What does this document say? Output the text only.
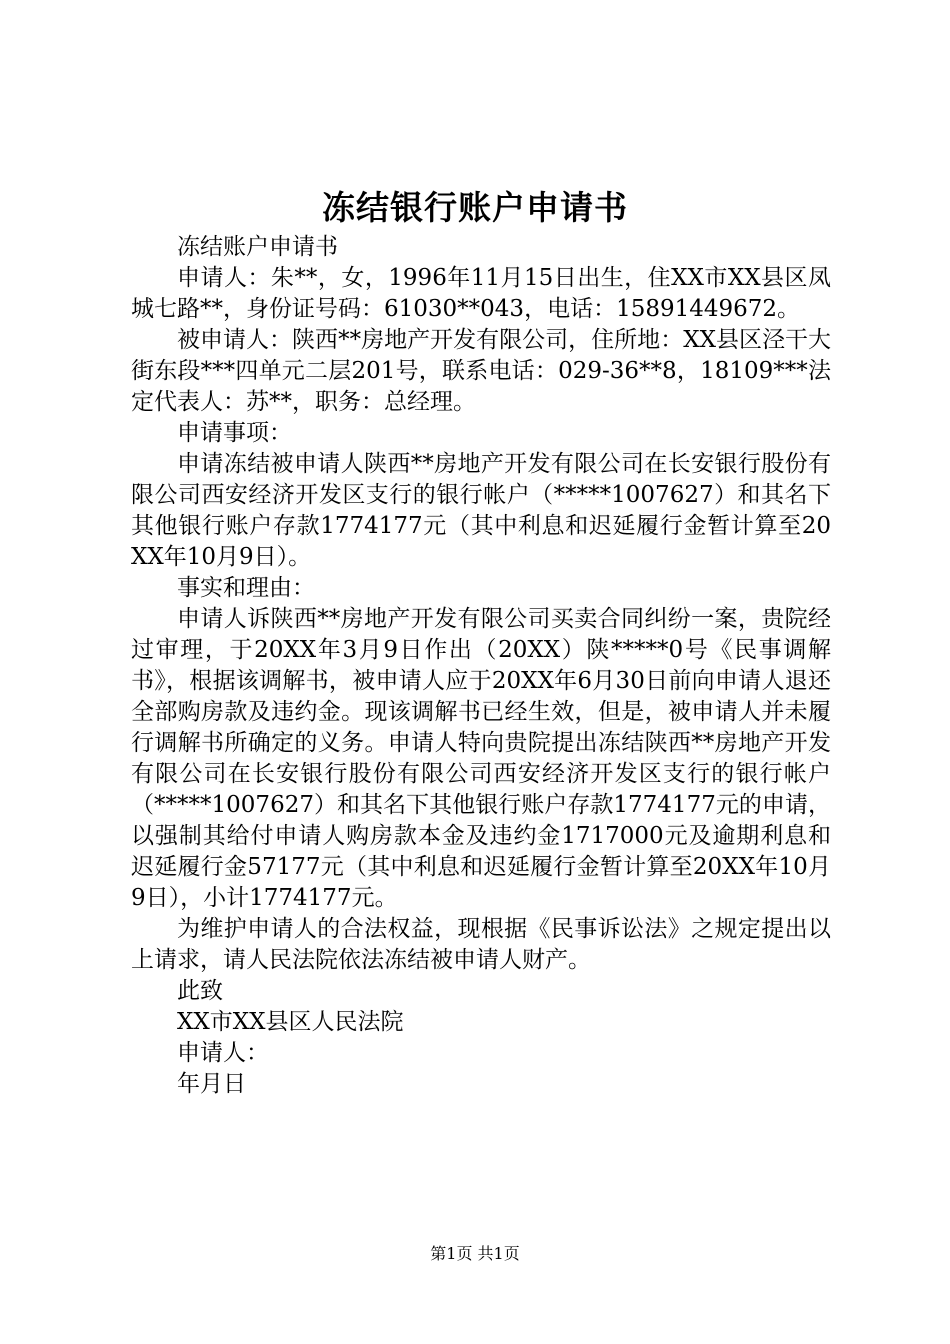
冻结银行账户申请书

冻结账户申请书

申请人：朱**，女，1996年11月15日出生，住XX市XX县区凤城七路**，身份证号码：61030**043，电话：15891449672。

被申请人：陕西**房地产开发有限公司，住所地：XX县区泾干大街东段***四单元二层201号，联系电话：029-36**8，18109***法定代表人：苏**，职务：总经理。

申请事项：

申请冻结被申请人陕西**房地产开发有限公司在长安银行股份有限公司西安经济开发区支行的银行帐户（*****1007627）和其名下其他银行账户存款1774177元（其中利息和迟延履行金暂计算至20XX年10月9日）。

事实和理由：

申请人诉陕西**房地产开发有限公司买卖合同纠纷一案，贵院经过审理，于20XX年3月9日作出（20XX）陕*****0号《民事调解书》，根据该调解书，被申请人应于20XX年6月30日前向申请人退还全部购房款及违约金。现该调解书已经生效，但是，被申请人并未履行调解书所确定的义务。申请人特向贵院提出冻结陕西**房地产开发有限公司在长安银行股份有限公司西安经济开发区支行的银行帐户（*****1007627）和其名下其他银行账户存款1774177元的申请，以强制其给付申请人购房款本金及违约金1717000元及逾期利息和迟延履行金57177元（其中利息和迟延履行金暂计算至20XX年10月9日），小计1774177元。

为维护申请人的合法权益，现根据《民事诉讼法》之规定提出以上请求，请人民法院依法冻结被申请人财产。

此致

XX市XX县区人民法院

申请人：

年月日

第1页 共1页
